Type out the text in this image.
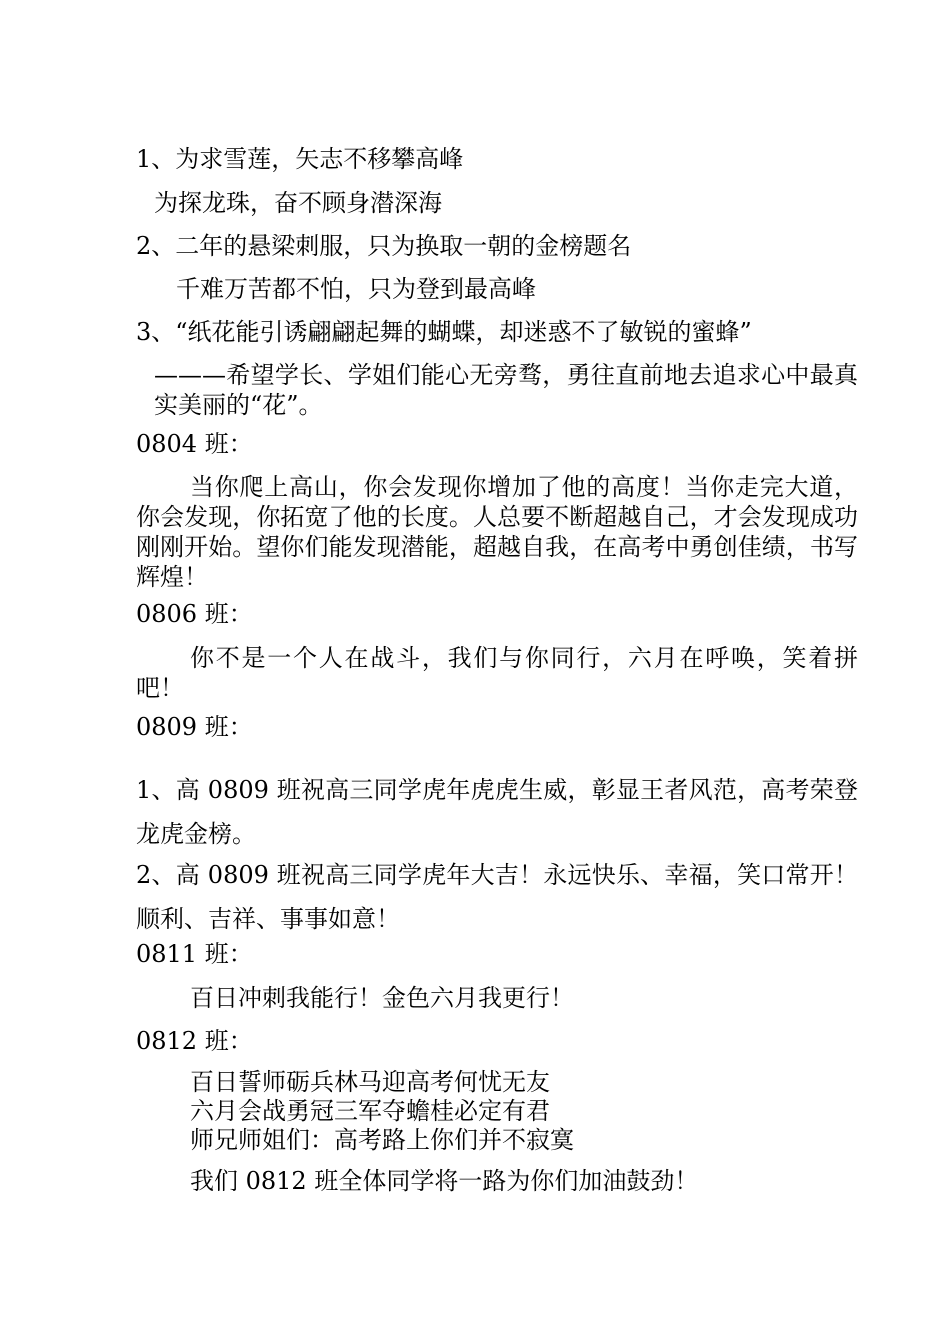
1、为求雪莲，矢志不移攀高峰
为探龙珠，奋不顾身潜深海
2、二年的悬梁刺服，只为换取一朝的金榜题名
千难万苦都不怕，只为登到最高峰
3、“纸花能引诱翩翩起舞的蝴蝶，却迷惑不了敏锐的蜜蜂”
———希望学长、学姐们能心无旁骛，勇往直前地去追求心中最真实美丽的“花”。
0804 班：
当你爬上高山，你会发现你增加了他的高度！当你走完大道，你会发现，你拓宽了他的长度。人总要不断超越自己，才会发现成功刚刚开始。望你们能发现潜能，超越自我，在高考中勇创佳绩，书写辉煌！
0806 班：
你不是一个人在战斗，我们与你同行，六月在呼唤，笑着拼吧！
0809 班：
1、高 0809 班祝高三同学虎年虎虎生威，彰显王者风范，高考荣登龙虎金榜。
2、高 0809 班祝高三同学虎年大吉！永远快乐、幸福，笑口常开！顺利、吉祥、事事如意！
0811 班：
百日冲刺我能行！金色六月我更行！
0812 班：
百日誓师砺兵林马迎高考何忧无友
六月会战勇冠三军夺蟾桂必定有君
师兄师姐们：高考路上你们并不寂寞
我们 0812 班全体同学将一路为你们加油鼓劲！
